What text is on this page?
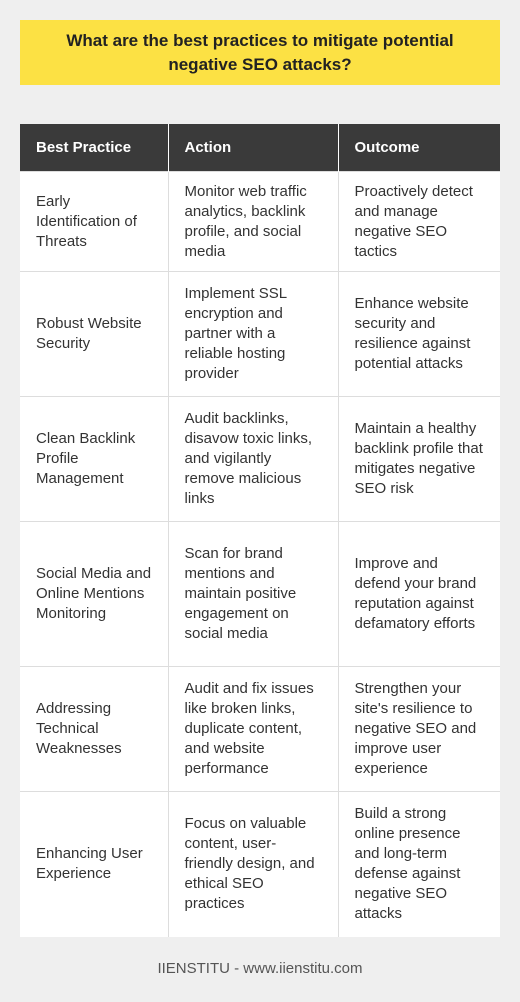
What are the best practices to mitigate potential negative SEO attacks?
Best Practice	Action	Outcome
Early Identification of Threats	Monitor web traffic analytics, backlink profile, and social media	Proactively detect and manage negative SEO tactics
Robust Website Security	Implement SSL encryption and partner with a reliable hosting provider	Enhance website security and resilience against potential attacks
Clean Backlink Profile Management	Audit backlinks, disavow toxic links, and vigilantly remove malicious links	Maintain a healthy backlink profile that mitigates negative SEO risk
Social Media and Online Mentions Monitoring	Scan for brand mentions and maintain positive engagement on social media	Improve and defend your brand reputation against defamatory efforts
Addressing Technical Weaknesses	Audit and fix issues like broken links, duplicate content, and website performance	Strengthen your site's resilience to negative SEO and improve user experience
Enhancing User Experience	Focus on valuable content, user-friendly design, and ethical SEO practices	Build a strong online presence and long-term defense against negative SEO attacks
IIENSTITU - www.iienstitu.com
